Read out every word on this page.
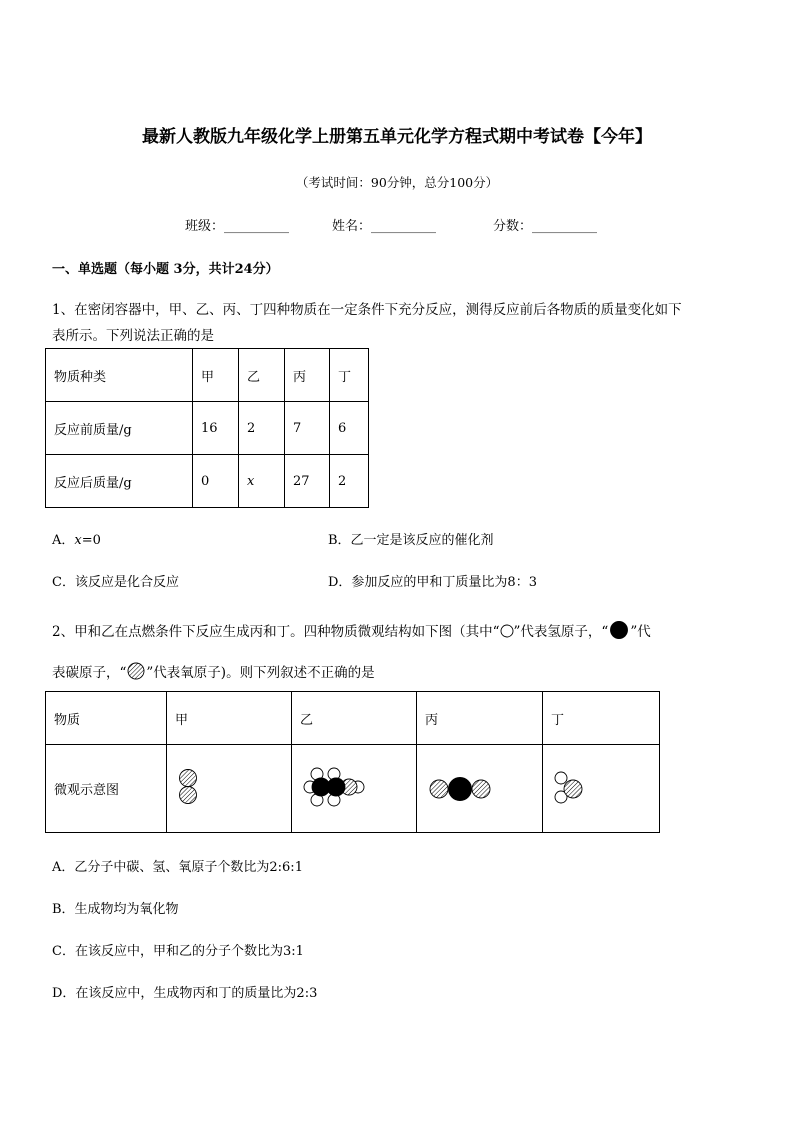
最新人教版九年级化学上册第五单元化学方程式期中考试卷【今年】
（考试时间：90分钟，总分100分）
班级：__________	姓名：__________	分数：__________
一、单选题（每小题 3分，共计24分）
1、在密闭容器中，甲、乙、丙、丁四种物质在一定条件下充分反应，测得反应前后各物质的质量变化如下
表所示。下列说法正确的是
物质种类	甲	乙	丙	丁
反应前质量/g	16	2	7	6
反应后质量/g	0	x	27	2
A．x=0	B．乙一定是该反应的催化剂
C．该反应是化合反应	D．参加反应的甲和丁质量比为8：3
2、甲和乙在点燃条件下反应生成丙和丁。四种物质微观结构如下图（其中“ ”代表氢原子，“ ”代
表碳原子，“ ”代表氧原子)。则下列叙述不正确的是
物质	甲	乙	丙	丁
微观示意图				
A．乙分子中碳、氢、氧原子个数比为2:6:1
B．生成物均为氧化物
C．在该反应中，甲和乙的分子个数比为3:1
D．在该反应中，生成物丙和丁的质量比为2:3
